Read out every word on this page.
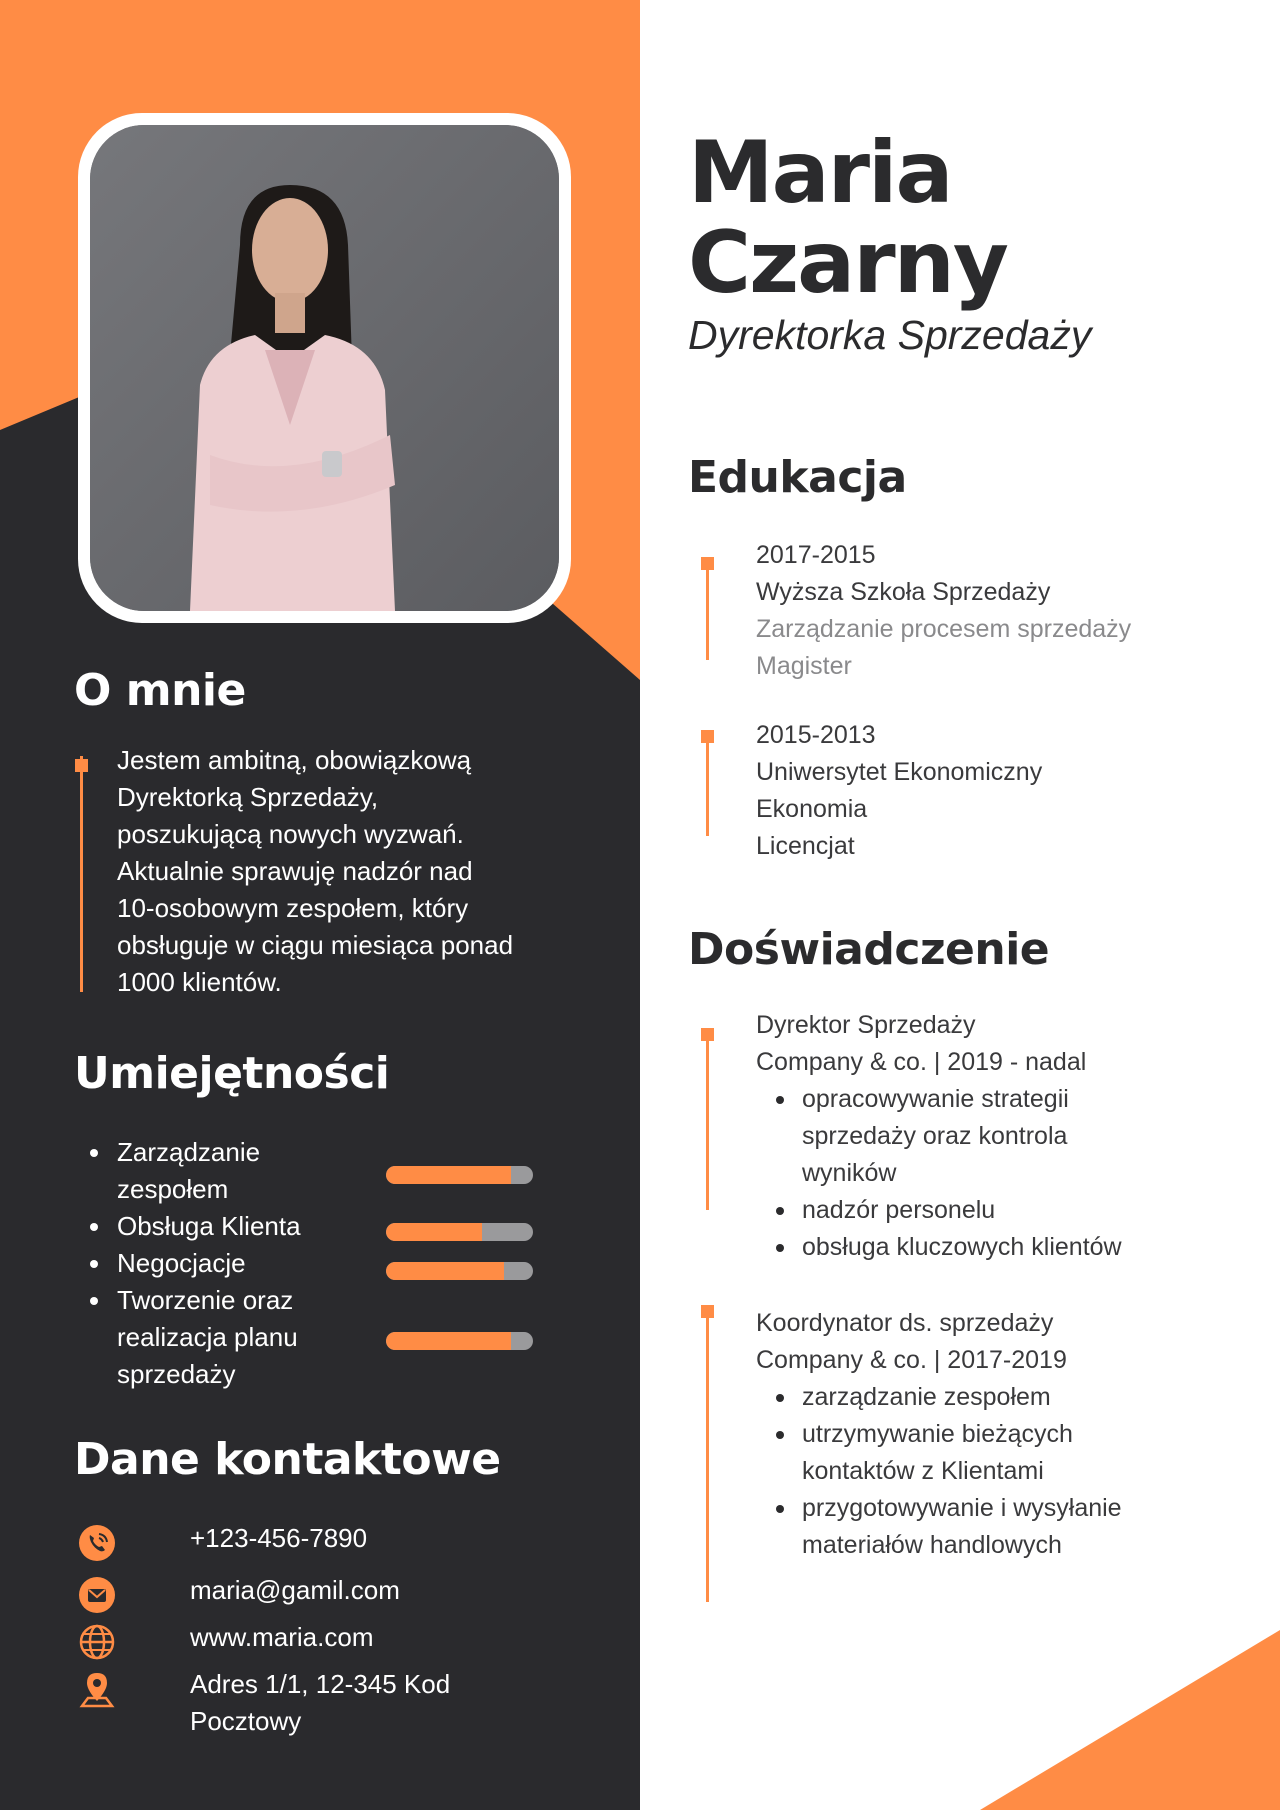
O mnie

Jestem ambitną, obowiązkową
Dyrektorką Sprzedaży,
poszukującą nowych wyzwań.
Aktualnie sprawuję nadzór nad
10-osobowym zespołem, który
obsługuje w ciągu miesiąca ponad
1000 klientów.

Umiejętności
Zarządzanie
zespołem
Obsługa Klienta
Negocjacje
Tworzenie oraz
realizacja planu
sprzedaży
Dane kontaktowe
+123-456-7890
maria@gamil.com
www.maria.com
Adres 1/1, 12-345 Kod
Pocztowy
Maria
Czarny

Dyrektorka Sprzedaży

Edukacja

2017-2015
Wyższa Szkoła Sprzedaży
Zarządzanie procesem sprzedaży
Magister

2015-2013
Uniwersytet Ekonomiczny
Ekonomia
Licencjat

Doświadczenie
Dyrektor Sprzedaży
Company & co. | 2019 - nadal
opracowywanie strategii
sprzedaży oraz kontrola
wyników
nadzór personelu
obsługa kluczowych klientów
Koordynator ds. sprzedaży
Company & co. | 2017-2019
zarządzanie zespołem
utrzymywanie bieżących
kontaktów z Klientami
przygotowywanie i wysyłanie
materiałów handlowych
